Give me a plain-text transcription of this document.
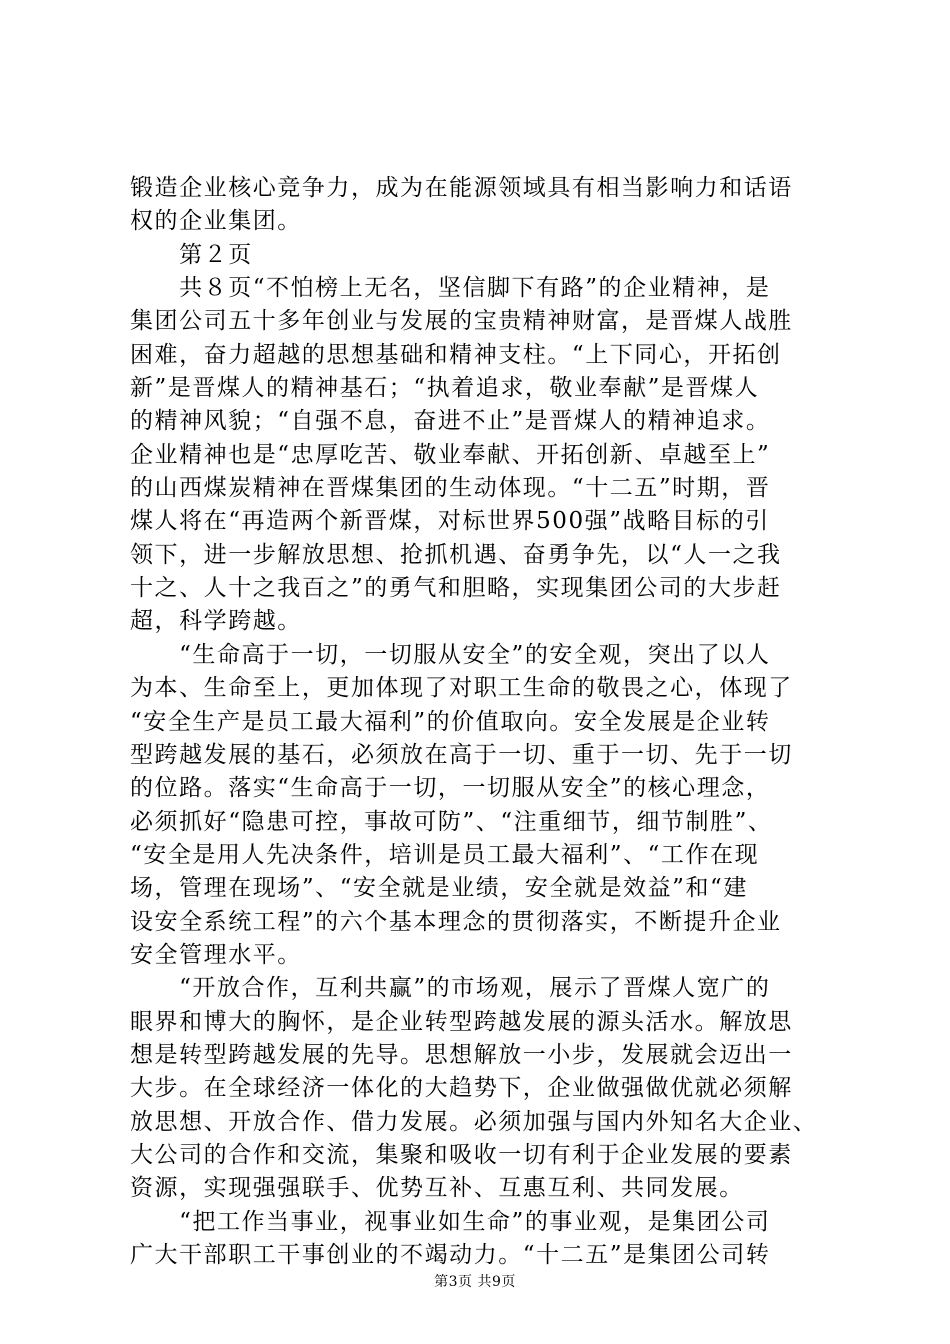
锻造企业核心竞争力，成为在能源领域具有相当影响力和话语
权的企业集团。
　　第２页
　　共８页“不怕榜上无名，坚信脚下有路”的企业精神，是
集团公司五十多年创业与发展的宝贵精神财富，是晋煤人战胜
困难，奋力超越的思想基础和精神支柱。“上下同心，开拓创
新”是晋煤人的精神基石；“执着追求，敬业奉献”是晋煤人
的精神风貌；“自强不息，奋进不止”是晋煤人的精神追求。
企业精神也是“忠厚吃苦、敬业奉献、开拓创新、卓越至上”
的山西煤炭精神在晋煤集团的生动体现。“十二五”时期，晋
煤人将在“再造两个新晋煤，对标世界500强”战略目标的引
领下，进一步解放思想、抢抓机遇、奋勇争先，以“人一之我
十之、人十之我百之”的勇气和胆略，实现集团公司的大步赶
超，科学跨越。
　　“生命高于一切，一切服从安全”的安全观，突出了以人
为本、生命至上，更加体现了对职工生命的敬畏之心，体现了
“安全生产是员工最大福利”的价值取向。安全发展是企业转
型跨越发展的基石，必须放在高于一切、重于一切、先于一切
的位路。落实“生命高于一切，一切服从安全”的核心理念，
必须抓好“隐患可控，事故可防”、“注重细节，细节制胜”、
“安全是用人先决条件，培训是员工最大福利”、“工作在现
场，管理在现场”、“安全就是业绩，安全就是效益”和“建
设安全系统工程”的六个基本理念的贯彻落实，不断提升企业
安全管理水平。
　　“开放合作，互利共赢”的市场观，展示了晋煤人宽广的
眼界和博大的胸怀，是企业转型跨越发展的源头活水。解放思
想是转型跨越发展的先导。思想解放一小步，发展就会迈出一
大步。在全球经济一体化的大趋势下，企业做强做优就必须解
放思想、开放合作、借力发展。必须加强与国内外知名大企业、
大公司的合作和交流，集聚和吸收一切有利于企业发展的要素
资源，实现强强联手、优势互补、互惠互利、共同发展。
　　“把工作当事业，视事业如生命”的事业观，是集团公司
广大干部职工干事创业的不竭动力。“十二五”是集团公司转
第3页 共9页
